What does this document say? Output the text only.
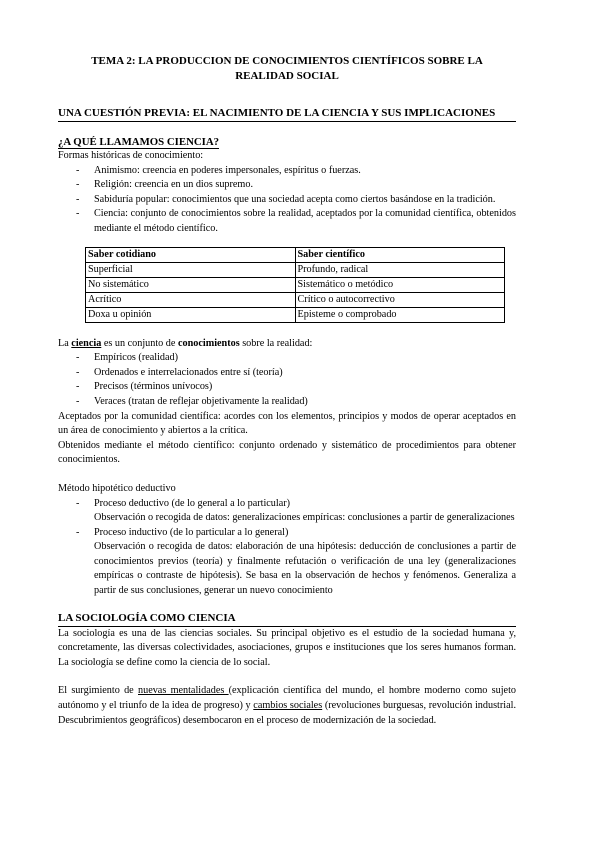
TEMA 2: LA PRODUCCION DE CONOCIMIENTOS CIENTÍFICOS SOBRE LA

REALIDAD SOCIAL

UNA CUESTIÓN PREVIA: EL NACIMIENTO DE LA CIENCIA Y SUS IMPLICACIONES
¿A QUÉ LLAMAMOS CIENCIA?

Formas históricas de conocimiento:

- Animismo: creencia en poderes impersonales, espíritus o fuerzas.
- Religión: creencia en un dios supremo.
- Sabiduría popular: conocimientos que una sociedad acepta como ciertos basándose en la tradición.
- Ciencia: conjunto de conocimientos sobre la realidad, aceptados por la comunidad científica, obtenidos mediante el método científico.
Saber cotidiano	Saber científico
Superficial	Profundo, radical
No sistemático	Sistemático o metódico
Acrítico	Crítico o autocorrectivo
Doxa u opinión	Episteme o comprobado

La ciencia es un conjunto de conocimientos sobre la realidad:

- Empíricos (realidad)
- Ordenados e interrelacionados entre sí (teoría)
- Precisos (términos unívocos)
- Veraces (tratan de reflejar objetivamente la realidad)

Aceptados por la comunidad científica: acordes con los elementos, principios y modos de operar aceptados en un área de conocimiento y abiertos a la crítica.

Obtenidos mediante el método científico: conjunto ordenado y sistemático de procedimientos para obtener conocimientos.

Método hipotético deductivo

- Proceso deductivo (de lo general a lo particular)

Observación o recogida de datos: generalizaciones empíricas: conclusiones a partir de generalizaciones

- Proceso inductivo (de lo particular a lo general)

Observación o recogida de datos: elaboración de una hipótesis: deducción de conclusiones a partir de conocimientos previos (teoría) y finalmente refutación o verificación de una ley (generalizaciones empíricas o contraste de hipótesis). Se basa en la observación de hechos y fenómenos. Generaliza a partir de sus conclusiones, generar un nuevo conocimiento

LA SOCIOLOGÍA COMO CIENCIA

La sociología es una de las ciencias sociales. Su principal objetivo es el estudio de la sociedad humana y, concretamente, las diversas colectividades, asociaciones, grupos e instituciones que los seres humanos forman. La sociología se define como la ciencia de lo social.

El surgimiento de nuevas mentalidades (explicación científica del mundo, el hombre moderno como sujeto autónomo y el triunfo de la idea de progreso) y cambios sociales (revoluciones burguesas, revolución industrial. Descubrimientos geográficos) desembocaron en el proceso de modernización de la sociedad.
